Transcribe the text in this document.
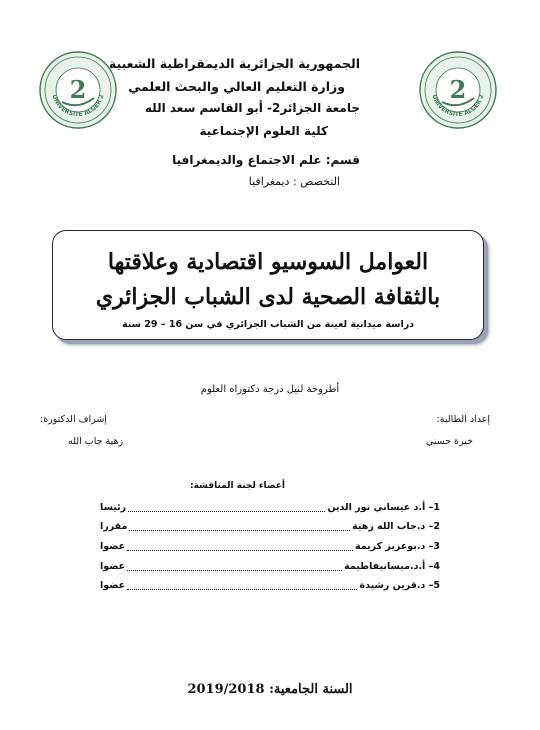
2
UNIVERSITE ALGER 2	2
UNIVERSITE ALGER 2
الجمهورية الجزائرية الديمقراطية الشعبية
وزارة التعليم العالي والبحث العلمي
جامعة الجزائر2- أبو القاسم سعد الله
كلية العلوم الإجتماعية
قسم: علم الاجتماع والديمغرافيا
التخصص : ديمغرافيا
العوامل السوسيو اقتصادية وعلاقتها
بالثقافة الصحية لدى الشباب الجزائري
دراسة ميدانية لعينة من الشباب الجزائري في سن 16 – 29 سنة
أطروحة لنيل درجة دكتوراه العلوم
إعداد الطالبة:
خيرة حسني
إشراف الدكتورة:
زهية جاب الله
أعضاء لجنة المناقشة:
1–

أ.د عيساني نور الدين
رئيسا
2–

د.جاب الله زهية
مقررا
3–

د.بوعزيز كريمة
عضوا
4–

أ.د.ميسانيفاطيمة
عضوا
5–

د.قرين رشيدة
عضوا
السنة الجامعية: 2019/2018
